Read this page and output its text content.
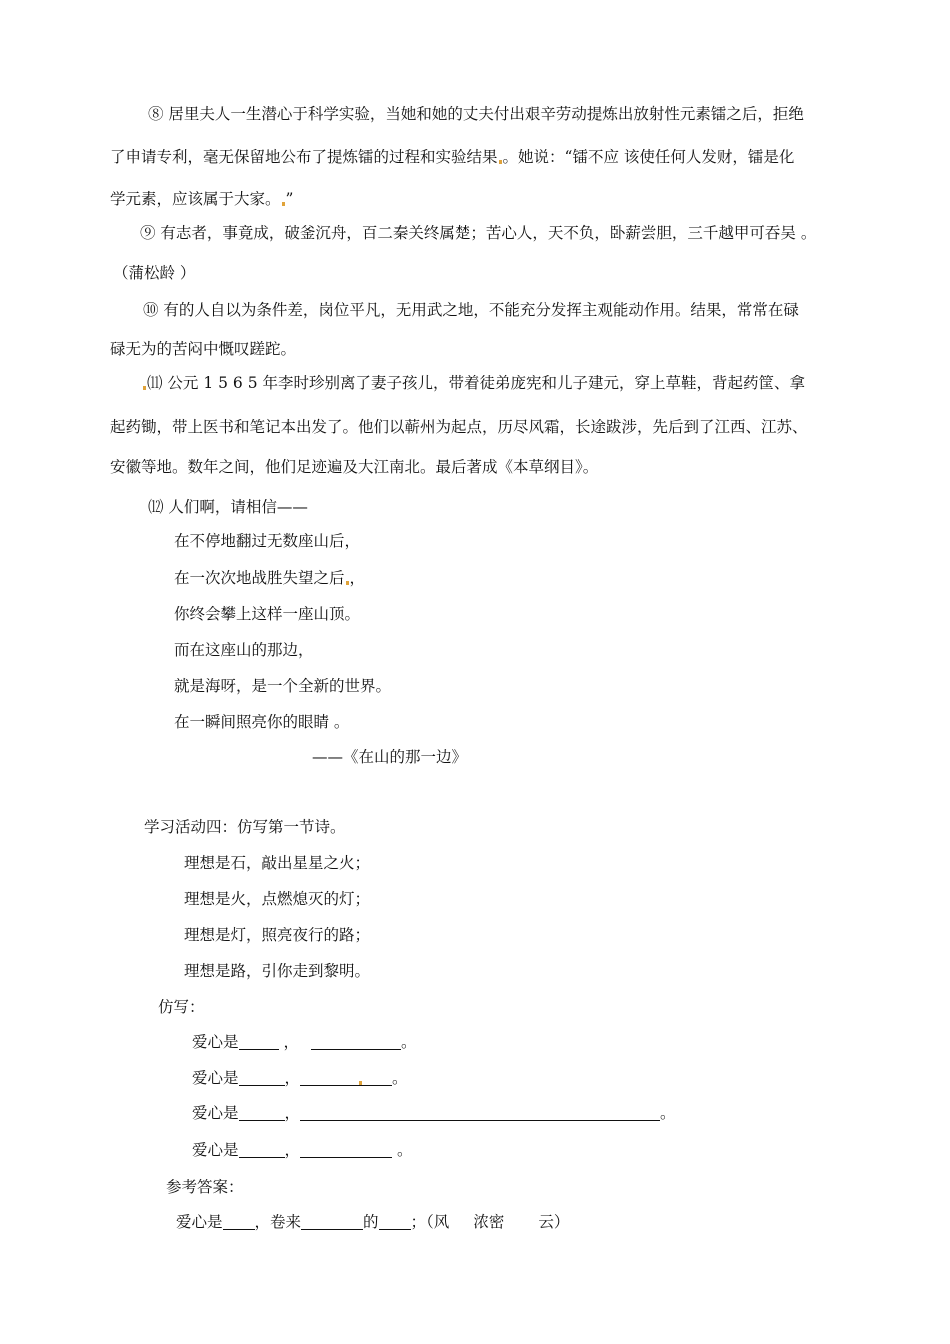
⑧ 居里夫人一生潜心于科学实验，当她和她的丈夫付出艰辛劳动提炼出放射性元素镭之后，拒绝
了申请专利，毫无保留地公布了提炼镭的过程和实验结果 。她说：“镭不应 该使任何人发财，镭是化
学元素，应该属于大家。 ”
⑨ 有志者，事竟成，破釜沉舟，百二秦关终属楚；苦心人，天不负，卧薪尝胆，三千越甲可吞吴 。
（蒲松龄 ）
⑩ 有的人自以为条件差，岗位平凡，无用武之地，不能充分发挥主观能动作用。结果，常常在碌
碌无为的苦闷中慨叹蹉跎。
⑾ 公元 1 5 6 5 年李时珍别离了妻子孩儿，带着徒弟庞宪和儿子建元，穿上草鞋，背起药筐、拿
起药锄，带上医书和笔记本出发了。他们以蕲州为起点，历尽风霜，长途跋涉，先后到了江西、江苏、
安徽等地。数年之间，他们足迹遍及大江南北。最后著成《本草纲目》。
⑿ 人们啊，请相信——
在不停地翻过无数座山后，
在一次次地战胜失望之后 ，
你终会攀上这样一座山顶。
而在这座山的那边，
就是海呀，是一个全新的世界。
在一瞬间照亮你的眼睛 。
——《在山的那一边》
学习活动四：仿写第一节诗。
理想是石，敲出星星之火；
理想是火，点燃熄灭的灯；
理想是灯，照亮夜行的路；
理想是路，引你走到黎明。
仿写：
爱心是	，	。
爱心是	，	。
爱心是	，	。
爱心是	，	。
参考答案：
爱心是 ，卷来	的 ；（风 浓密 云）
